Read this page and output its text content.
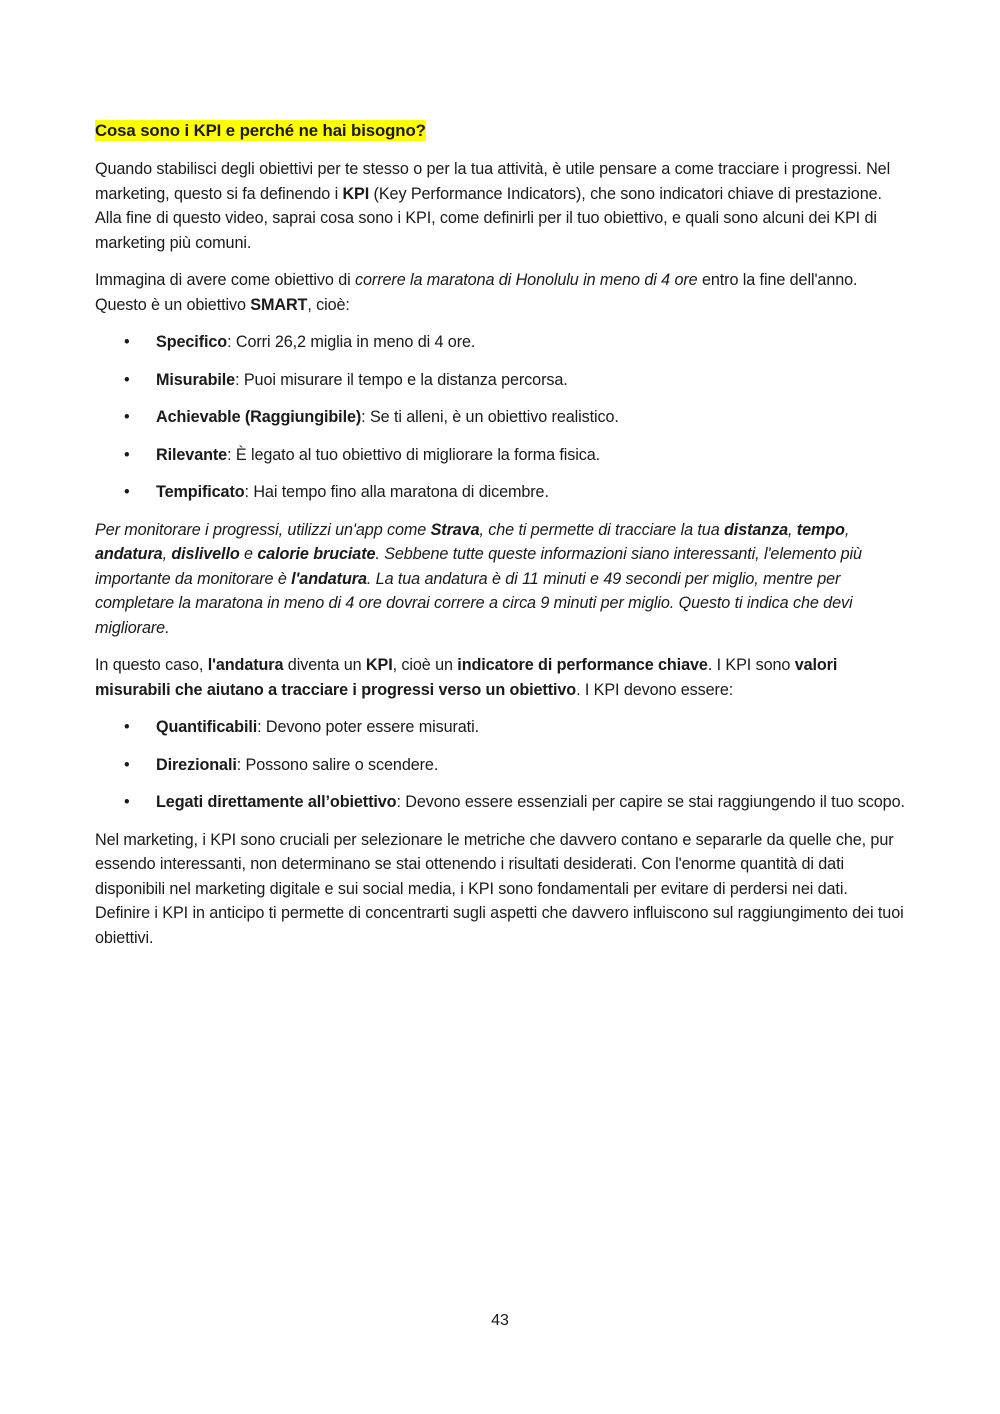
Cosa sono i KPI e perché ne hai bisogno?

Quando stabilisci degli obiettivi per te stesso o per la tua attività, è utile pensare a come tracciare i progressi. Nel marketing, questo si fa definendo i KPI (Key Performance Indicators), che sono indicatori chiave di prestazione. Alla fine di questo video, saprai cosa sono i KPI, come definirli per il tuo obiettivo, e quali sono alcuni dei KPI di marketing più comuni.

Immagina di avere come obiettivo di correre la maratona di Honolulu in meno di 4 ore entro la fine dell'anno. Questo è un obiettivo SMART, cioè:

• Specifico: Corri 26,2 miglia in meno di 4 ore.
• Misurabile: Puoi misurare il tempo e la distanza percorsa.
• Achievable (Raggiungibile): Se ti alleni, è un obiettivo realistico.
• Rilevante: È legato al tuo obiettivo di migliorare la forma fisica.
• Tempificato: Hai tempo fino alla maratona di dicembre.

Per monitorare i progressi, utilizzi un'app come Strava, che ti permette di tracciare la tua distanza, tempo, andatura, dislivello e calorie bruciate. Sebbene tutte queste informazioni siano interessanti, l'elemento più importante da monitorare è l'andatura. La tua andatura è di 11 minuti e 49 secondi per miglio, mentre per completare la maratona in meno di 4 ore dovrai correre a circa 9 minuti per miglio. Questo ti indica che devi migliorare.

In questo caso, l'andatura diventa un KPI, cioè un indicatore di performance chiave. I KPI sono valori misurabili che aiutano a tracciare i progressi verso un obiettivo. I KPI devono essere:

• Quantificabili: Devono poter essere misurati.
• Direzionali: Possono salire o scendere.
• Legati direttamente all’obiettivo: Devono essere essenziali per capire se stai raggiungendo il tuo scopo.

Nel marketing, i KPI sono cruciali per selezionare le metriche che davvero contano e separarle da quelle che, pur essendo interessanti, non determinano se stai ottenendo i risultati desiderati. Con l'enorme quantità di dati disponibili nel marketing digitale e sui social media, i KPI sono fondamentali per evitare di perdersi nei dati. Definire i KPI in anticipo ti permette di concentrarti sugli aspetti che davvero influiscono sul raggiungimento dei tuoi obiettivi.

43
